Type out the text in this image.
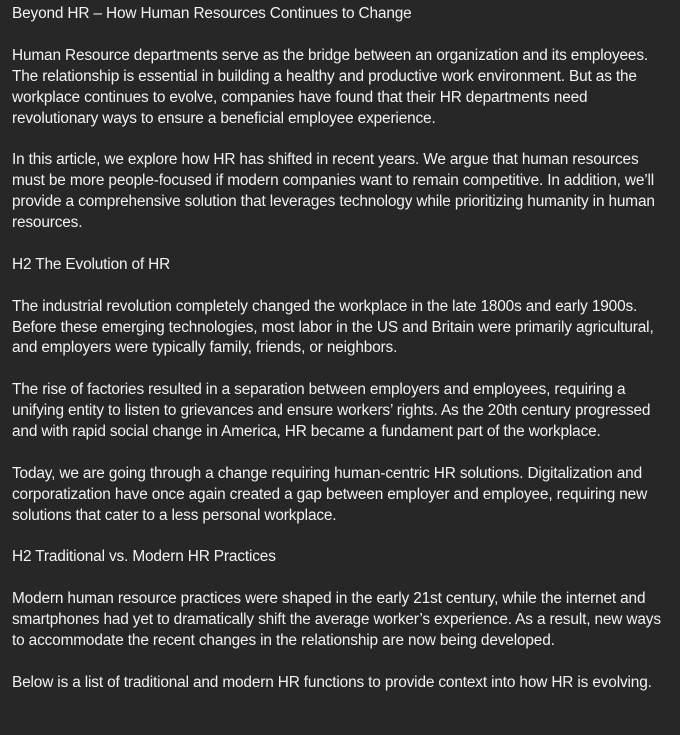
Beyond HR – How Human Resources Continues to Change

Human Resource departments serve as the bridge between an organization and its employees. The relationship is essential in building a healthy and productive work environment. But as the workplace continues to evolve, companies have found that their HR departments need revolutionary ways to ensure a beneficial employee experience.

In this article, we explore how HR has shifted in recent years. We argue that human resources must be more people-focused if modern companies want to remain competitive. In addition, we’ll provide a comprehensive solution that leverages technology while prioritizing humanity in human resources.

H2 The Evolution of HR

The industrial revolution completely changed the workplace in the late 1800s and early 1900s. Before these emerging technologies, most labor in the US and Britain were primarily agricultural, and employers were typically family, friends, or neighbors.

The rise of factories resulted in a separation between employers and employees, requiring a unifying entity to listen to grievances and ensure workers’ rights. As the 20th century progressed and with rapid social change in America, HR became a fundament part of the workplace.

Today, we are going through a change requiring human-centric HR solutions. Digitalization and corporatization have once again created a gap between employer and employee, requiring new solutions that cater to a less personal workplace.

H2 Traditional vs. Modern HR Practices

Modern human resource practices were shaped in the early 21st century, while the internet and smartphones had yet to dramatically shift the average worker’s experience. As a result, new ways to accommodate the recent changes in the relationship are now being developed.

Below is a list of traditional and modern HR functions to provide context into how HR is evolving.
